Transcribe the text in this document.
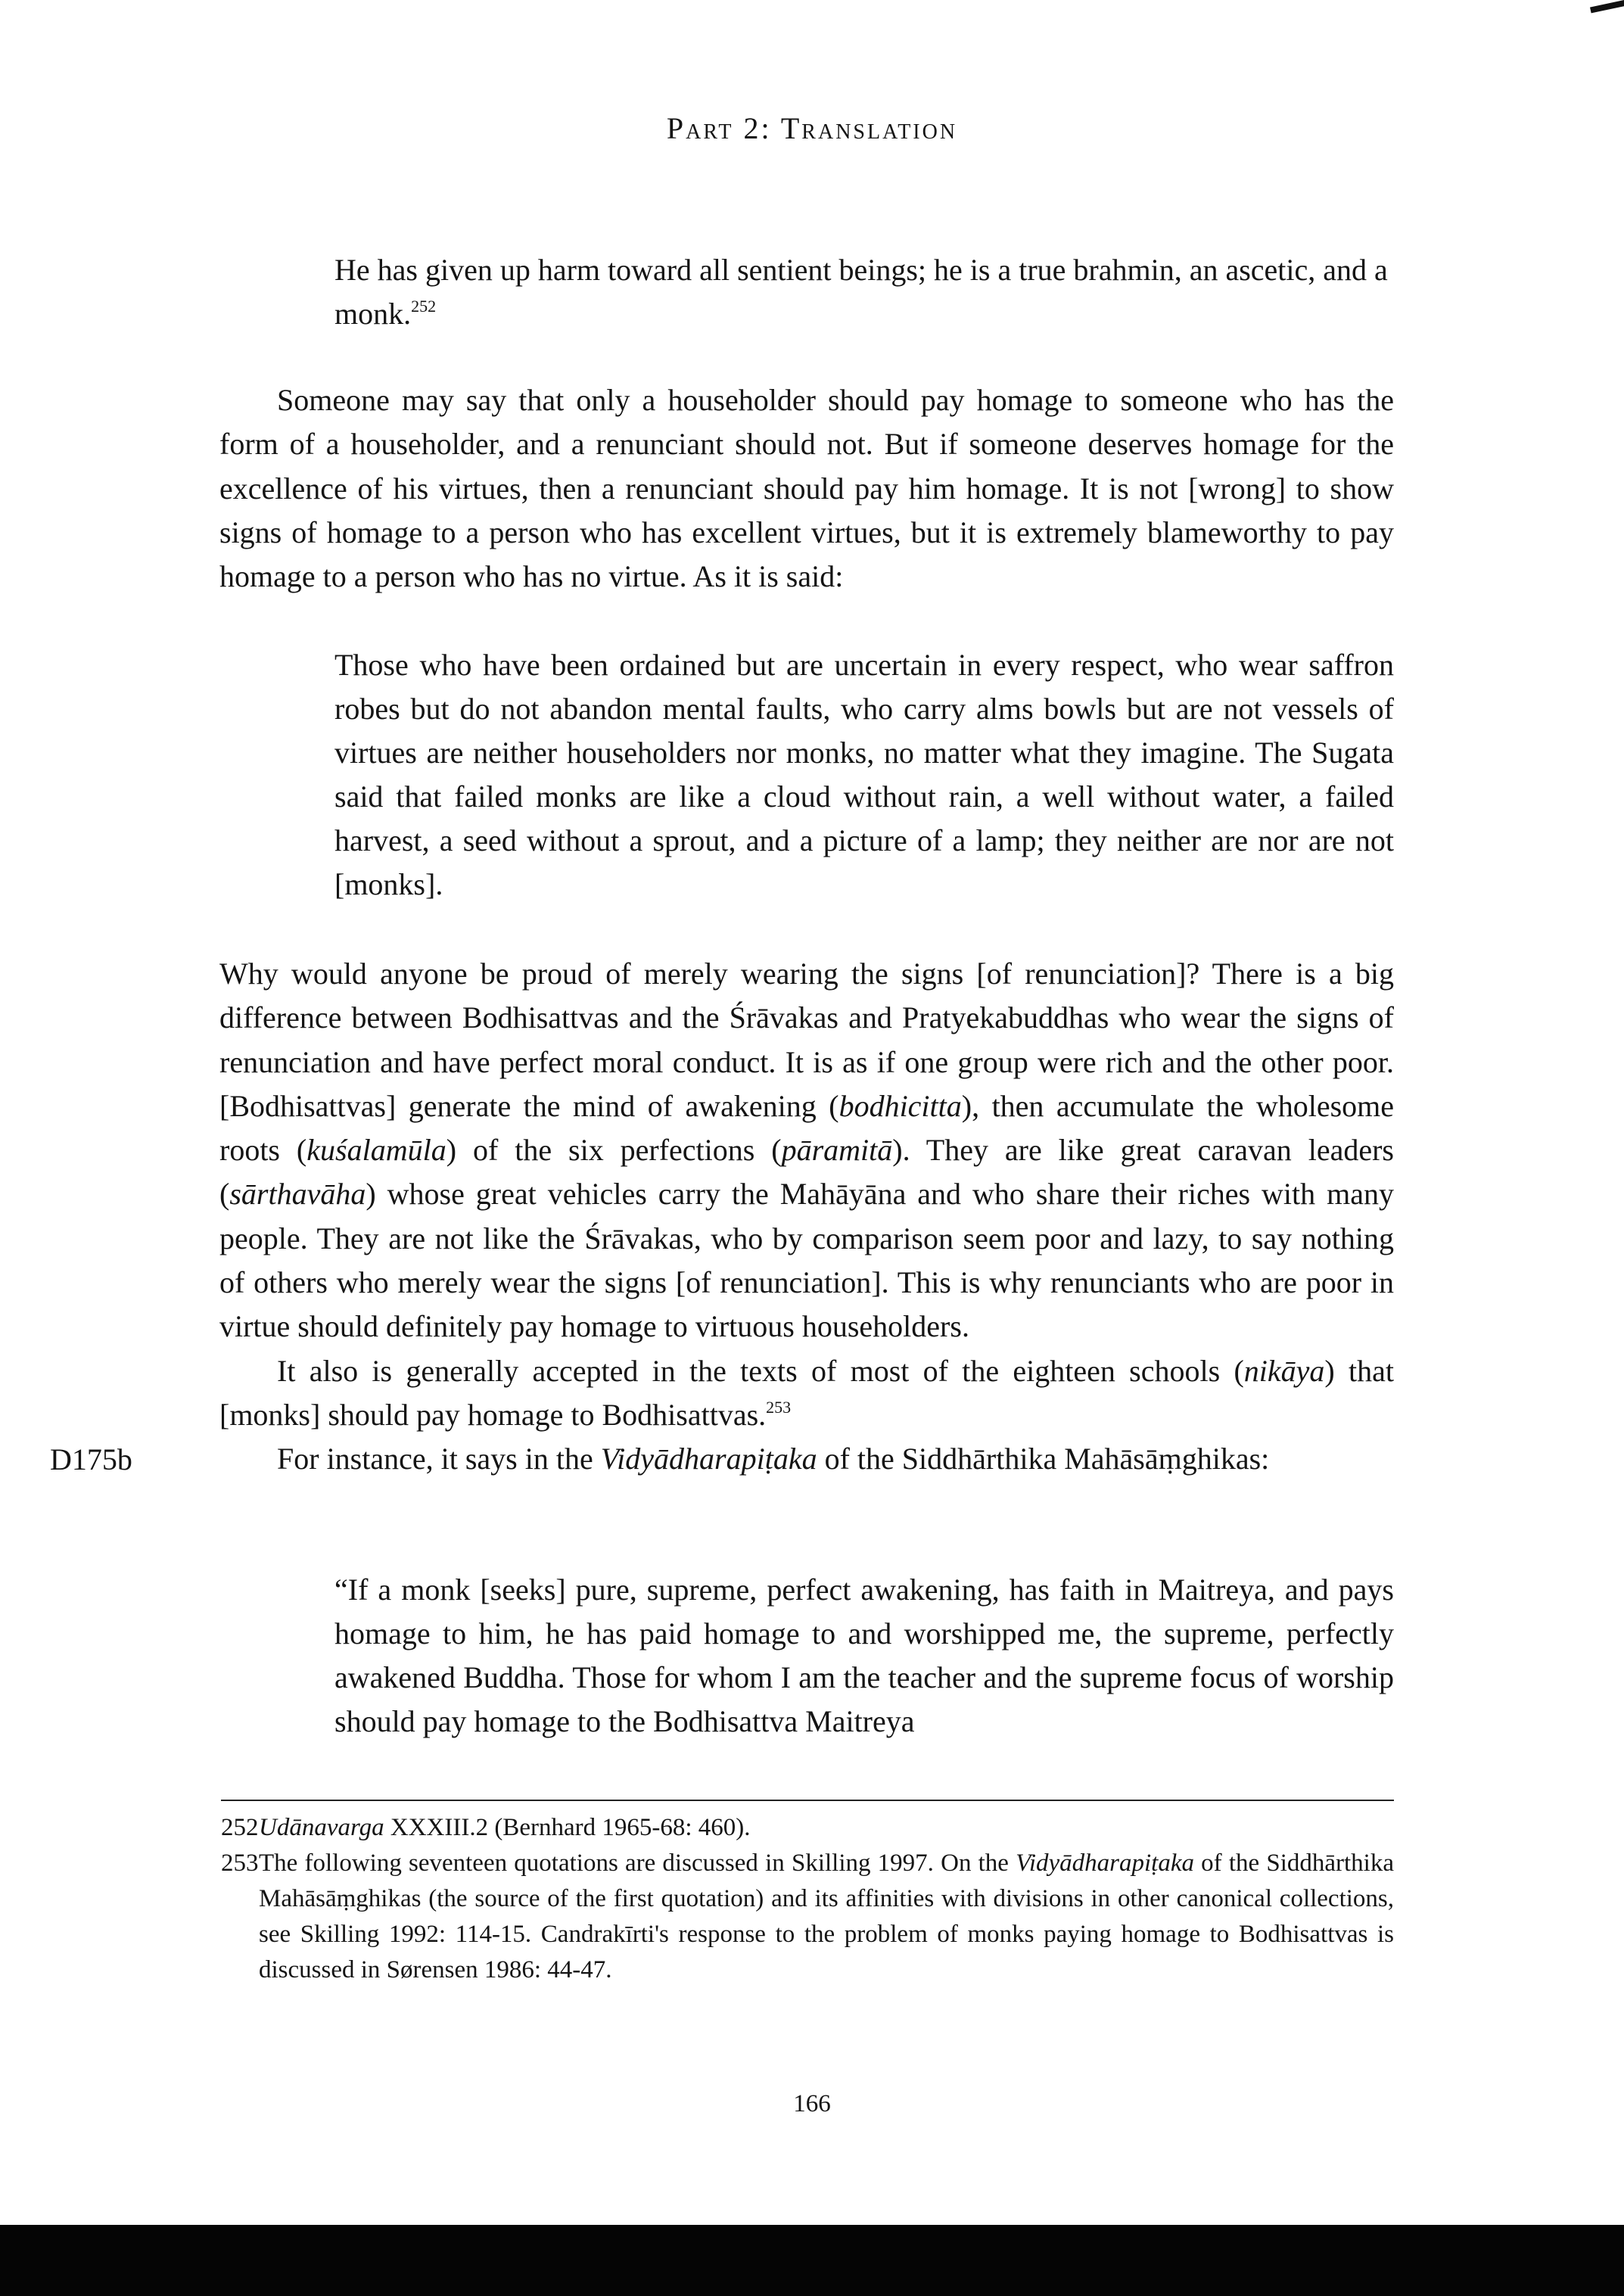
Part 2: Translation

He has given up harm toward all sentient beings; he is a true brahmin, an ascetic, and a monk.$^{252}$

Someone may say that only a householder should pay homage to someone who has the form of a householder, and a renunciant should not. But if someone deserves homage for the excellence of his virtues, then a renunciant should pay him homage. It is not [wrong] to show signs of homage to a person who has excellent virtues, but it is extremely blameworthy to pay homage to a person who has no virtue. As it is said:

Those who have been ordained but are uncertain in every respect, who wear saffron robes but do not abandon mental faults, who carry alms bowls but are not vessels of virtues are neither householders nor monks, no matter what they imagine. The Sugata said that failed monks are like a cloud without rain, a well without water, a failed harvest, a seed without a sprout, and a picture of a lamp; they neither are nor are not [monks].

Why would anyone be proud of merely wearing the signs [of renunciation]? There is a big difference between Bodhisattvas and the Śrāvakas and Pratyekabuddhas who wear the signs of renunciation and have perfect moral conduct. It is as if one group were rich and the other poor. [Bodhisattvas] generate the mind of awakening (bodhicitta), then accumulate the wholesome roots (kuśalamūla) of the six perfections (pāramitā). They are like great caravan leaders (sārthavāha) whose great vehicles carry the Mahāyāna and who share their riches with many people. They are not like the Śrāvakas, who by comparison seem poor and lazy, to say nothing of others who merely wear the signs [of renunciation]. This is why renunciants who are poor in virtue should definitely pay homage to virtuous householders.

It also is generally accepted in the texts of most of the eighteen schools (nikāya) that [monks] should pay homage to Bodhisattvas.$^{253}$

For instance, it says in the Vidyādharapiṭaka of the Siddhārthika Mahāsāṃghikas:

D175b

“If a monk [seeks] pure, supreme, perfect awakening, has faith in Maitreya, and pays homage to him, he has paid homage to and worshipped me, the supreme, perfectly awakened Buddha. Those for whom I am the teacher and the supreme focus of worship should pay homage to the Bodhisattva Maitreya

252 Udānavarga XXXIII.2 (Bernhard 1965-68: 460).

253 The following seventeen quotations are discussed in Skilling 1997. On the Vidyādharapiṭaka of the Siddhārthika Mahāsāṃghikas (the source of the first quotation) and its affinities with divisions in other canonical collections, see Skilling 1992: 114-15. Candrakīrti's response to the problem of monks paying homage to Bodhisattvas is discussed in Sørensen 1986: 44-47.

166
